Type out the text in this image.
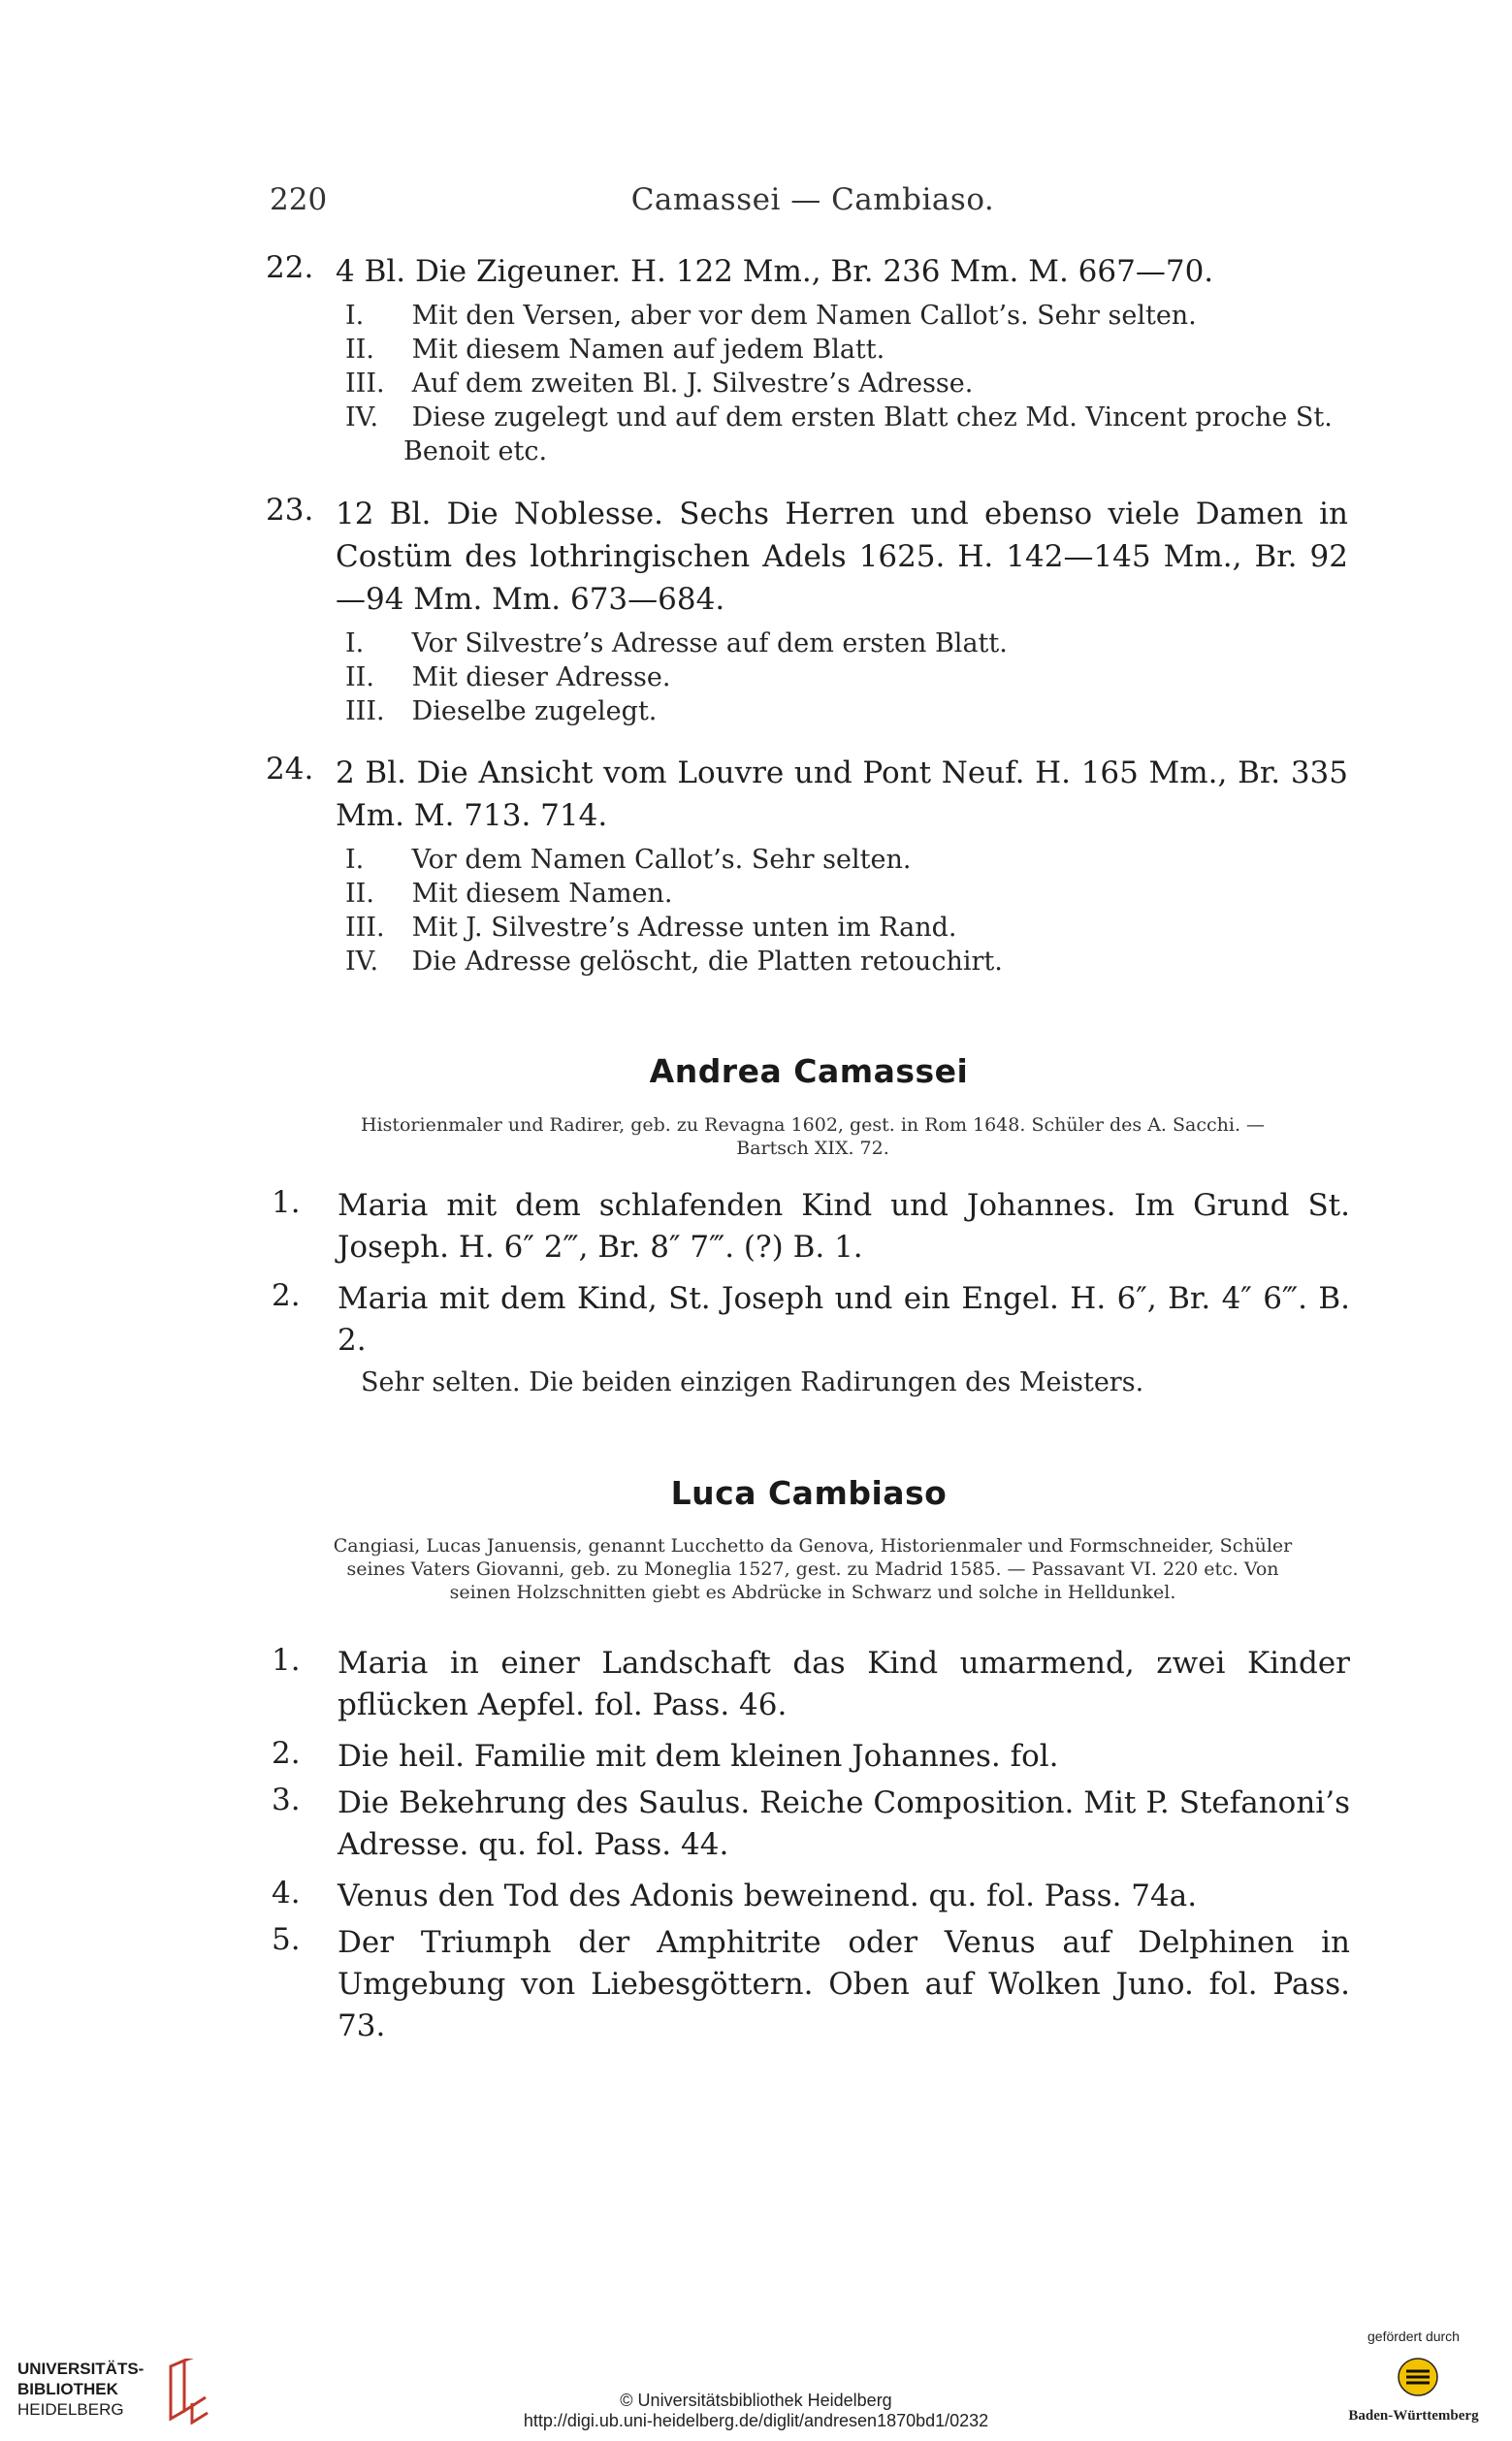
220	Camassei — Cambiaso.
22. 4 Bl. Die Zigeuner. H. 122 Mm., Br. 236 Mm. M. 667—70.
I. Mit den Versen, aber vor dem Namen Callot’s. Sehr selten.
II. Mit diesem Namen auf jedem Blatt.
III. Auf dem zweiten Bl. J. Silvestre’s Adresse.
IV. Diese zugelegt und auf dem ersten Blatt chez Md. Vincent proche St. Benoit etc.
23. 12 Bl. Die Noblesse. Sechs Herren und ebenso viele Damen in Costüm des lothringischen Adels 1625. H. 142—145 Mm., Br. 92—94 Mm. Mm. 673—684.
I. Vor Silvestre’s Adresse auf dem ersten Blatt.
II. Mit dieser Adresse.
III. Dieselbe zugelegt.
24. 2 Bl. Die Ansicht vom Louvre und Pont Neuf. H. 165 Mm., Br. 335 Mm. M. 713. 714.
I. Vor dem Namen Callot’s. Sehr selten.
II. Mit diesem Namen.
III. Mit J. Silvestre’s Adresse unten im Rand.
IV. Die Adresse gelöscht, die Platten retouchirt.
Andrea Camassei
Historienmaler und Radirer, geb. zu Revagna 1602, gest. in Rom 1648. Schüler des A. Sacchi. — Bartsch XIX. 72.
1. Maria mit dem schlafenden Kind und Johannes. Im Grund St. Joseph. H. 6″ 2‴, Br. 8″ 7‴. (?) B. 1.
2. Maria mit dem Kind, St. Joseph und ein Engel. H. 6″, Br. 4″ 6‴. B. 2.
Sehr selten. Die beiden einzigen Radirungen des Meisters.
Luca Cambiaso
Cangiasi, Lucas Januensis, genannt Lucchetto da Genova, Historienmaler und Formschneider, Schüler seines Vaters Giovanni, geb. zu Moneglia 1527, gest. zu Madrid 1585. — Passavant VI. 220 etc. Von seinen Holzschnitten giebt es Abdrücke in Schwarz und solche in Helldunkel.
1. Maria in einer Landschaft das Kind umarmend, zwei Kinder pflücken Aepfel. fol. Pass. 46.
2. Die heil. Familie mit dem kleinen Johannes. fol.
3. Die Bekehrung des Saulus. Reiche Composition. Mit P. Stefanoni’s Adresse. qu. fol. Pass. 44.
4. Venus den Tod des Adonis beweinend. qu. fol. Pass. 74a.
5. Der Triumph der Amphitrite oder Venus auf Delphinen in Umgebung von Liebesgöttern. Oben auf Wolken Juno. fol. Pass. 73.
UNIVERSITÄTS-
BIBLIOTHEK
HEIDELBERG	© Universitätsbibliothek Heidelberg
http://digi.ub.uni-heidelberg.de/diglit/andresen1870bd1/0232
gefördert durch
Baden-Württemberg
